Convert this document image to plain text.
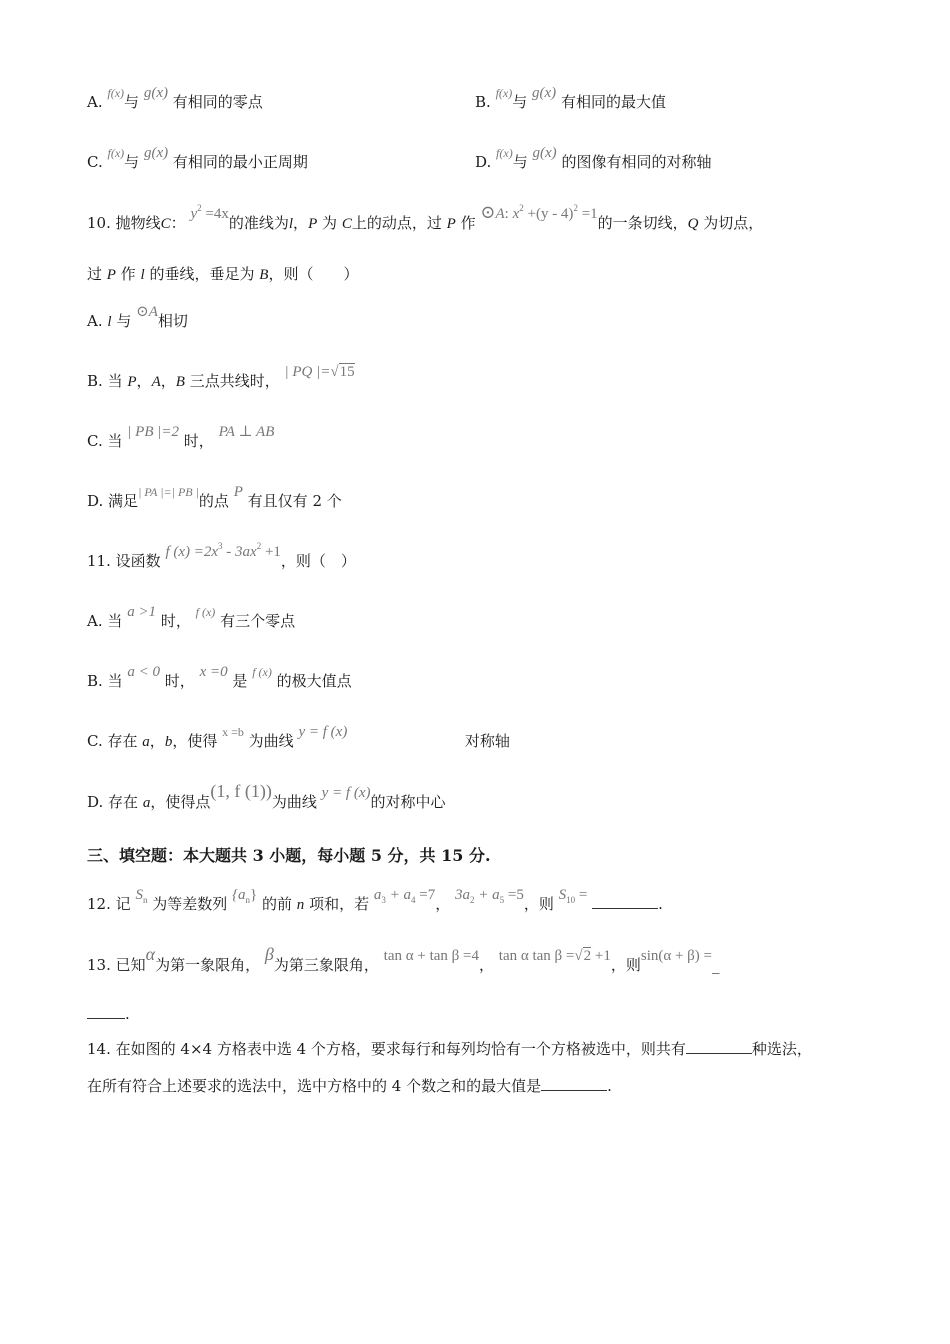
A. $^{f(x)}$与 g(x) 有相同的零点	B. $^{f(x)}$与 g(x) 有相同的最大值
C. $^{f(x)}$与 g(x) 有相同的最小正周期	D. $^{f(x)}$与 g(x) 的图像有相同的对称轴
10. 抛物线C： $y^2 =4x$的准线为l，P 为 C上的动点，过 P 作 ⊙A: $x^2 +(y - 4)^2 =1$的一条切线，Q 为切点，
过 P 作 l 的垂线，垂足为 B，则（　　）
A. l 与 ⊙A相切
B. 当 P，A，B 三点共线时， | PQ |=√15
C. 当 | PB |=2 时， PA ⊥ AB
D. 满足$^{| PA |=| PB |}$的点 P 有且仅有 2 个
11. 设函数 f $(x) =2x^3 - 3ax^2 +1$，则（　）
A. 当 a >1 时， $^{f (x)}$ 有三个零点
B. 当 a < 0 时， x =0 是 $^{f (x)}$ 的极大值点
C. 存在 a，b，使得 $^{x =b}$ 为曲线 y = f (x)	对称轴
D. 存在 a，使得点(1, f (1))为曲线 y = f (x)的对称中心
三、填空题：本大题共 3 小题，每小题 5 分，共 15 分.
12. 记 $S_n$ 为等差数列 $\{a_n\}$ 的前 n 项和，若 $a_3 + a_4 =7$， $3a_2 + a_5 =5$，则 $S_{10}$ =	.
13. 已知α为第一象限角， β为第三象限角， tan α + tan β =4， tan α tan β =√2 +1，则sin(α + β) =_
.
14. 在如图的 4×4 方格表中选 4 个方格，要求每行和每列均恰有一个方格被选中，则共有	种选法，
在所有符合上述要求的选法中，选中方格中的 4 个数之和的最大值是	.
